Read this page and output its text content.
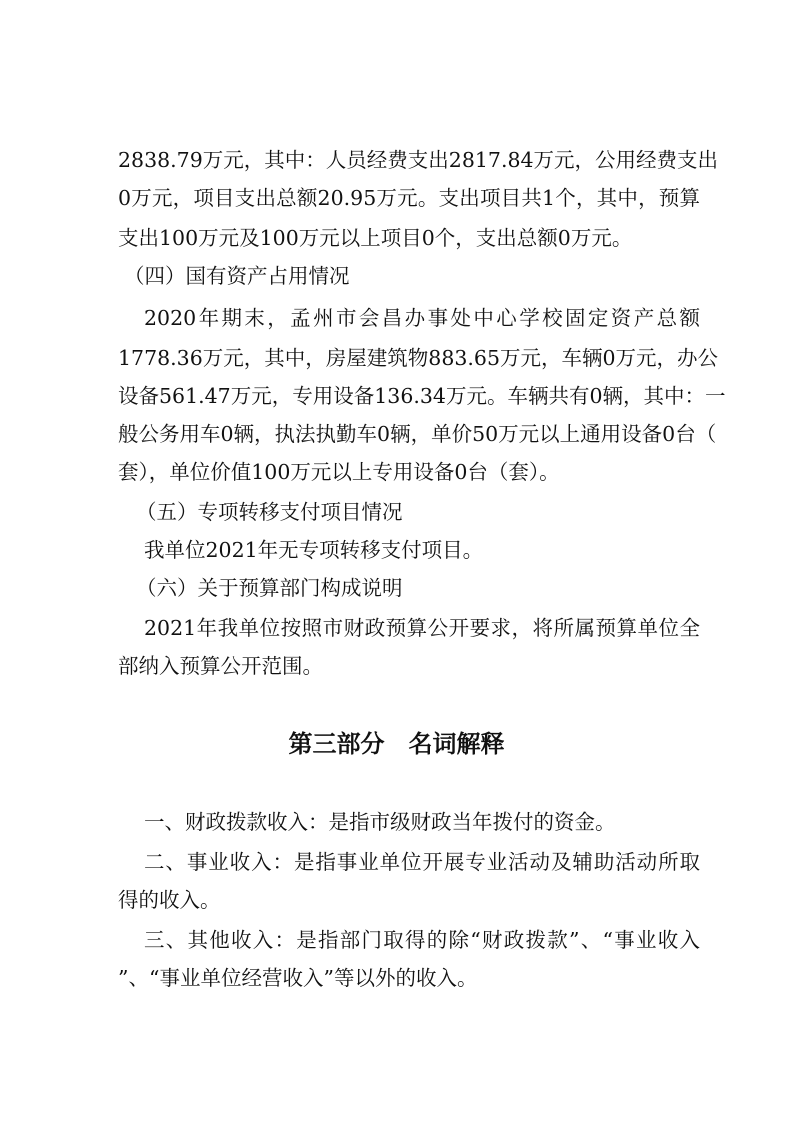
2838.79万元，其中：人员经费支出2817.84万元，公用经费支出
0万元，项目支出总额20.95万元。支出项目共1个，其中，预算
支出100万元及100万元以上项目0个，支出总额0万元。
（四）国有资产占用情况
2020年期末，孟州市会昌办事处中心学校固定资产总额
1778.36万元，其中，房屋建筑物883.65万元，车辆0万元，办公
设备561.47万元，专用设备136.34万元。车辆共有0辆，其中：一
般公务用车0辆，执法执勤车0辆，单价50万元以上通用设备0台（
套），单位价值100万元以上专用设备0台（套）。
（五）专项转移支付项目情况
我单位2021年无专项转移支付项目。
（六）关于预算部门构成说明
2021年我单位按照市财政预算公开要求，将所属预算单位全
部纳入预算公开范围。
第三部分　名词解释
一、财政拨款收入：是指市级财政当年拨付的资金。
二、事业收入：是指事业单位开展专业活动及辅助活动所取
得的收入。
三、其他收入：是指部门取得的除“财政拨款”、“事业收入
”、“事业单位经营收入”等以外的收入。
